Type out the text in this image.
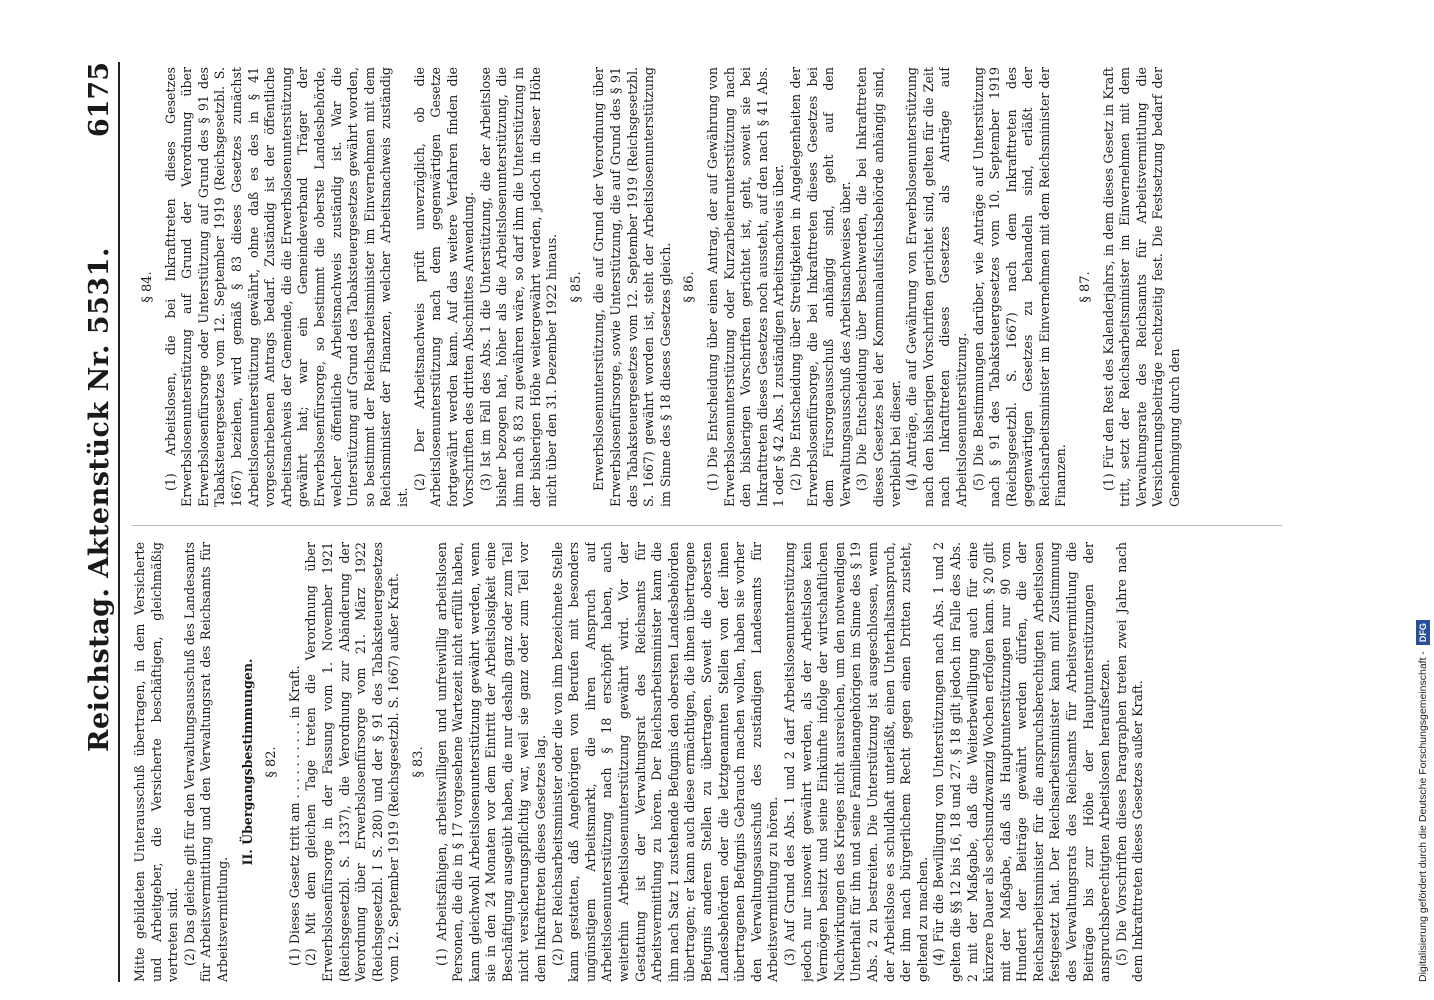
Reichstag. Aktenstück Nr. 5531.
6175

Mitte gebildeten Unterausschuß übertragen, in dem Versicherte und Arbeitgeber, die Versicherte beschäftigen, gleichmäßig vertreten sind. (2) Das gleiche gilt für den Verwaltungsausschuß des Landesamts für Arbeitsvermittlung und den Verwaltungsrat des Reichsamts für Arbeitsvermittlung.

II. Übergangsbestimmungen. § 82. (1) Dieses Gesetz tritt am . . . . . . . . . . in Kraft. (2) Mit dem gleichen Tage treten die Verordnung über Erwerbslosenfürsorge in der Fassung vom 1. November 1921 (Reichsgesetzbl. S. 1337), die Verordnung zur Abänderung der Verordnung über Erwerbslosenfürsorge vom 21. März 1922 (Reichsgesetzbl. I S. 280) und der § 91 des Tabaksteuergesetzes vom 12. September 1919 (Reichsgesetzbl. S. 1667) außer Kraft. § 83. (1) Arbeitsfähigen, arbeitswilligen und unfreiwillig arbeitslosen Personen, die die in § 17 vorgesehene Wartezeit nicht erfüllt haben, kann gleichwohl Arbeitslosenunterstützung gewährt werden, wenn sie in den 24 Monaten vor dem Eintritt der Arbeitslosigkeit eine Beschäftigung ausgeübt haben, die nur deshalb ganz oder zum Teil nicht versicherungspflichtig war, weil sie ganz oder zum Teil vor dem Inkrafttreten dieses Gesetzes lag. (2) Der Reichsarbeitsminister oder die von ihm bezeichnete Stelle kann gestatten, daß Angehörigen von Berufen mit besonders ungünstigem Arbeitsmarkt, die ihren Anspruch auf Arbeitslosenunterstützung nach § 18 erschöpft haben, auch weiterhin Arbeitslosenunterstützung gewährt wird. Vor der Gestattung ist der Verwaltungsrat des Reichsamts für Arbeitsvermittlung zu hören. Der Reichsarbeitsminister kann die ihm nach Satz 1 zustehende Befugnis den obersten Landesbehörden übertragen; er kann auch diese ermächtigen, die ihnen übertragene Befugnis anderen Stellen zu übertragen. Soweit die obersten Landesbehörden oder die letztgenannten Stellen von der ihnen übertragenen Befugnis Gebrauch machen wollen, haben sie vorher den Verwaltungsausschuß des zuständigen Landesamts für Arbeitsvermittlung zu hören. (3) Auf Grund des Abs. 1 und 2 darf Arbeitslosenunterstützung jedoch nur insoweit gewährt werden, als der Arbeitslose kein Vermögen besitzt und seine Einkünfte infolge der wirtschaftlichen Nachwirkungen des Krieges nicht ausreichen, um den notwendigen Unterhalt für ihn und seine Familienangehörigen im Sinne des § 19 Abs. 2 zu bestreiten. Die Unterstützung ist ausgeschlossen, wenn der Arbeitslose es schuldhaft unterläßt, einen Unterhaltsanspruch, der ihm nach bürgerlichem Recht gegen einen Dritten zusteht, geltend zu machen. (4) Für die Bewilligung von Unterstützungen nach Abs. 1 und 2 gelten die §§ 12 bis 16, 18 und 27. § 18 gilt jedoch im Falle des Abs. 2 mit der Maßgabe, daß die Weiterbewilligung auch für eine kürzere Dauer als sechsundzwanzig Wochen erfolgen kann. § 20 gilt mit der Maßgabe, daß als Hauptunterstützungen nur 90 vom Hundert der Beiträge gewährt werden dürfen, die der Reichsarbeitsminister für die anspruchsberechtigten Arbeitslosen festgesetzt hat. Der Reichsarbeitsminister kann mit Zustimmung des Verwaltungsrats des Reichsamts für Arbeitsvermittlung die Beiträge bis zur Höhe der Hauptunterstützungen der anspruchsberechtigten Arbeitslosen heraufsetzen. (5) Die Vorschriften dieses Paragraphen treten zwei Jahre nach dem Inkrafttreten dieses Gesetzes außer Kraft.

§ 84. (1) Arbeitslosen, die bei Inkrafttreten dieses Gesetzes Erwerbslosenunterstützung auf Grund der Verordnung über Erwerbslosenfürsorge oder Unterstützung auf Grund des § 91 des Tabaksteuergesetzes vom 12. September 1919 (Reichsgesetzbl. S. 1667) beziehen, wird gemäß § 83 dieses Gesetzes zunächst Arbeitslosenunterstützung gewährt, ohne daß es des in § 41 vorgeschriebenen Antrags bedarf. Zuständig ist der öffentliche Arbeitsnachweis der Gemeinde, die die Erwerbslosenunterstützung gewährt hat; war ein Gemeindeverband Träger der Erwerbslosenfürsorge, so bestimmt die oberste Landesbehörde, welcher öffentliche Arbeitsnachweis zuständig ist. War die Unterstützung auf Grund des Tabaksteuergesetzes gewährt worden, so bestimmt der Reichsarbeitsminister im Einvernehmen mit dem Reichsminister der Finanzen, welcher Arbeitsnachweis zuständig ist.

(2) Der Arbeitsnachweis prüft unverzüglich, ob die Arbeitslosenunterstützung nach dem gegenwärtigen Gesetze fortgewährt werden kann. Auf das weitere Verfahren finden die Vorschriften des dritten Abschnittes Anwendung. (3) Ist im Fall des Abs. 1 die Unterstützung, die der Arbeitslose bisher bezogen hat, höher als die Arbeitslosenunterstützung, die ihm nach § 83 zu gewähren wäre, so darf ihm die Unterstützung in der bisherigen Höhe weitergewährt werden, jedoch in dieser Höhe nicht über den 31. Dezember 1922 hinaus. § 85. Erwerbslosenunterstützung, die auf Grund der Verordnung über Erwerbslosenfürsorge, sowie Unterstützung, die auf Grund des § 91 des Tabaksteuergesetzes vom 12. September 1919 (Reichsgesetzbl. S. 1667) gewährt worden ist, steht der Arbeitslosenunterstützung im Sinne des § 18 dieses Gesetzes gleich. § 86. (1) Die Entscheidung über einen Antrag, der auf Gewährung von Erwerbslosenunterstützung oder Kurzarbeiterunterstützung nach den bisherigen Vorschriften gerichtet ist, geht, soweit sie bei Inkrafttreten dieses Gesetzes noch aussteht, auf den nach § 41 Abs. 1 oder § 42 Abs. 1 zuständigen Arbeitsnachweis über. (2) Die Entscheidung über Streitigkeiten in Angelegenheiten der Erwerbslosenfürsorge, die bei Inkrafttreten dieses Gesetzes bei dem Fürsorgeausschuß anhängig sind, geht auf den Verwaltungsausschuß des Arbeitsnachweises über. (3) Die Entscheidung über Beschwerden, die bei Inkrafttreten dieses Gesetzes bei der Kommunalaufsichtsbehörde anhängig sind, verbleibt bei dieser. (4) Anträge, die auf Gewährung von Erwerbslosenunterstützung nach den bisherigen Vorschriften gerichtet sind, gelten für die Zeit nach Inkrafttreten dieses Gesetzes als Anträge auf Arbeitslosenunterstützung. (5) Die Bestimmungen darüber, wie Anträge auf Unterstützung nach § 91 des Tabaksteuergesetzes vom 10. September 1919 (Reichsgesetzbl. S. 1667) nach dem Inkrafttreten des gegenwärtigen Gesetzes zu behandeln sind, erläßt der Reichsarbeitsminister im Einvernehmen mit dem Reichsminister der Finanzen.

§ 87. (1) Für den Rest des Kalenderjahrs, in dem dieses Gesetz in Kraft tritt, setzt der Reichsarbeitsminister im Einvernehmen mit dem Verwaltungsrate des Reichsamts für Arbeitsvermittlung die Versicherungsbeiträge rechtzeitig fest. Die Festsetzung bedarf der Genehmigung durch den

Digitalisierung gefördert durch die Deutsche Forschungsgemeinschaft -DFG
